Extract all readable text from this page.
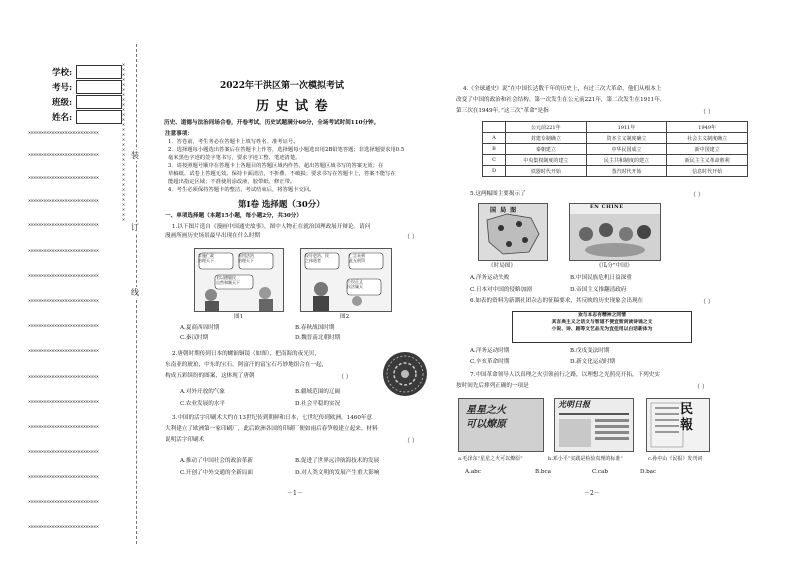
学校:
考号:
班级:
姓名:
✕✕✕✕✕✕✕✕✕✕✕✕✕✕✕✕✕✕✕✕✕✕✕✕✕✕✕✕✕✕✕✕
✕✕✕✕✕✕✕✕✕✕✕✕✕✕✕✕✕✕✕✕✕✕✕✕✕✕✕
✕✕✕✕✕✕✕✕✕✕✕✕✕✕✕✕✕✕✕✕✕✕✕✕✕✕✕
✕✕✕✕✕✕✕✕✕✕✕✕✕✕✕✕✕✕✕✕✕✕✕✕✕✕✕
✕✕✕✕✕✕✕✕✕✕✕✕✕✕✕✕✕✕✕✕✕✕✕✕✕✕✕
✕✕✕✕✕✕✕✕✕✕✕✕✕✕✕✕✕✕✕✕✕✕✕✕✕✕✕
✕✕✕✕✕✕✕✕✕✕✕✕✕✕✕✕✕✕✕✕✕✕✕✕✕✕✕
✕✕✕✕✕✕✕✕✕✕✕✕✕✕✕✕✕✕✕✕✕✕✕✕✕✕✕
✕✕✕✕✕✕✕✕✕✕✕✕✕✕✕✕✕✕✕✕✕✕✕✕✕✕✕
✕✕✕✕✕✕✕✕✕✕✕✕✕✕✕✕✕✕✕✕✕✕✕✕✕✕✕
✕✕✕✕✕✕✕✕✕✕✕✕✕✕✕✕✕✕✕✕✕✕✕✕✕✕✕
✕✕✕✕✕✕✕✕✕✕✕✕✕✕✕✕✕✕✕✕✕✕✕✕✕✕✕
✕✕✕✕✕✕✕✕✕✕✕✕✕✕✕✕✕✕✕✕✕✕✕✕✕✕✕
✕✕✕✕✕✕✕✕✕✕✕✕✕✕✕✕✕✕✕✕✕✕✕✕✕✕✕
✕✕✕✕✕✕✕✕✕✕✕✕✕✕✕✕✕✕✕✕✕✕✕✕✕✕✕
✕✕✕✕✕✕✕✕✕✕✕✕✕✕✕✕✕✕✕✕✕✕✕✕✕✕✕
✕✕✕✕✕✕✕✕✕✕✕✕✕✕✕✕✕✕✕✕✕✕✕✕✕✕✕
✕✕✕✕✕✕✕✕✕✕✕✕✕✕✕✕✕✕✕✕✕✕✕✕✕✕✕
装
订
线
2022年干洪区第一次模拟考试
历 史 试 卷
历史、道德与法治同场合卷，开卷考试，历史试题满分60分，全场考试时间110分钟。
注意事项：
1．答卷前，考生务必在答题卡上填写姓名、准考证号。
2．选择题每小题选出答案后在答题卡上作答，选择题每小题选出用2B铅笔答题；非选择题要求用0.5
毫米黑色字迹的签字笔书写，要求字迹工整、笔迹清楚。
3．请按照题号顺序在答题卡上各题目的答题区域内作答，超出答题区域书写的答案无效；在
草稿纸、试卷上答题无效。保持卡面清洁，不折叠、不破损；要求书写在答题卡上，答案不能写在
能超出指定区域；不准使用涂改液、胶带纸、修正带。
4．考生必须保持答题卡的整洁，考试结束后，将答题卡交回。
第Ⅰ卷 选择题（30分）
一、单项选择题（本题15小题，每小题2分，共30分）
1.以下图片选自《漫画中国通史故事》，图中人物正在就治国理政展开辩论。请问
漫画所画历史场景最早出现在什么时期	（ ）
实施仁政
治理天下
采用法治
治理天下
君以德服民
自然和顺天下
设计吏治、民
之伟道者
仁言未到
此无刑罚
公设正义
民法属天
图1	图2
A.夏商西周时期	B.春秋战国时期
C.秦汉时期	D.魏晋南北朝时期
2.唐朝时期传到日本的螺钿铜镜（如图），把南海的夜光贝，
东南亚的琥珀，中东的宝石，阿富汗的富宝石巧妙地组合在一起，
构成五彩缤纷的图案，这体现了唐朝	（ ）
A.对外开放的气象	B.疆域范围的辽阔
C.农业发展的水平	D.社会平稳的实况
3.中国的活字印刷术大约在13世纪传到朝鲜和日本，七世纪传到欧洲。1460年意
大利建立了欧洲第一家印刷厂，此后欧洲各国的印刷厂便如雨后春笋般建立起来。材料
说明活字印刷术	（ ）
A.推动了中国社会的政治革新	B.促进了世界远洋航海技术的发展
C.开创了中外交通的全新局面	D.对人类文明的发展产生重大影响
－1－
4.《全球通史》说“在中国长达数千年的历史上，有过三次大革命，他们从根本上
改变了中国的政治和社会结构。第一次发生在公元前221年，第二次发生在1911年，
第三次在1949年。”这三次“革命”是指	（ ）
	公元前221年	1911年	1949年
A	封建专制确立	资本主义制度确立	社会主义制度确立
B	秦朝建立	中华民国成立	新中国建立
C	中央集权制度的建立	民主共和制度的建立	新民主主义革命胜利
D	铁器时代开始	蒸汽时代开始	信息时代开始
5.这两幅图主要揭示了	（ ）
国 局 图	EN CHINE
《时局图》	《瓜分”中国》
A.洋务运动失败	B.中国民族危机日益深重
C.日本对中国的侵略加剧	D.帝国主义推翻清政府
6.如表的资料为新潮社团杂志的征稿要求，其反映的历史现象会出现在	（ ）
欢与本志有精神之同情
其言典主义之话文与智道不便宜智剑读诗诵之文
小说、诗、剧等文艺品无为宜佳用以白话新体为
A.洋务运动时期	B.戊戌变法时期
C.辛亥革命时期	D.新文化运动时期
7.中国革命领导人以真理之火引领前行之路，以理想之光照亮开拓，下列史实
按时间先后排列正确的一项是	（ ）
星星之火
可以燎原
光明日报	民
報
a.毛泽东“星星之火可以燎原”	b.邓小平“实践是检验真理的标准”	c.孙中山《民报》发刊词
A.abc	B.bca	C.cab	D.bac
－2－
